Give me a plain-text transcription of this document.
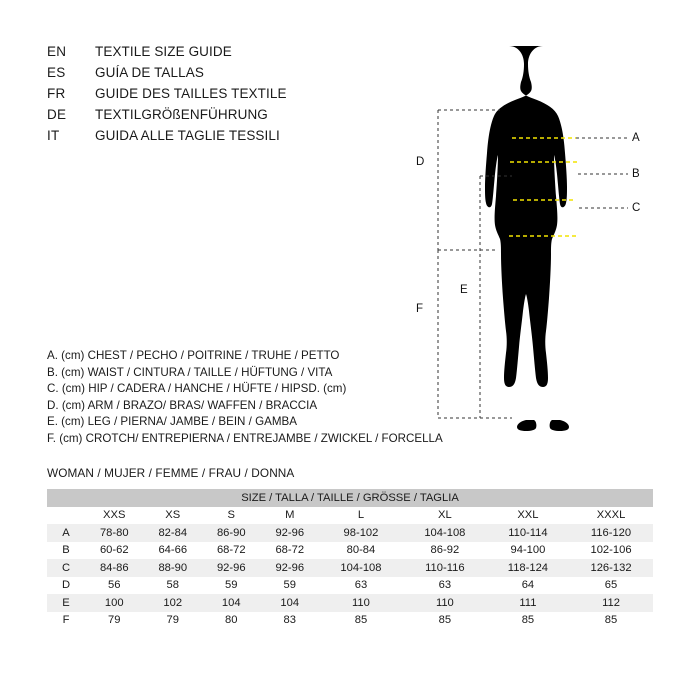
EN	TEXTILE SIZE GUIDE
ES	GUÍA DE TALLAS
FR	GUIDE DES TAILLES TEXTILE
DE	TEXTILGRÖßENFÜHRUNG
IT	GUIDA ALLE TAGLIE TESSILI	A
B
C
D
E
F
A. (cm) CHEST / PECHO / POITRINE / TRUHE / PETTO
B. (cm) WAIST / CINTURA / TAILLE / HÜFTUNG / VITA
C. (cm) HIP / CADERA / HANCHE / HÜFTE / HIPSD. (cm)
D. (cm) ARM / BRAZO/ BRAS/ WAFFEN / BRACCIA
E. (cm) LEG / PIERNA/ JAMBE / BEIN / GAMBA
F. (cm) CROTCH/ ENTREPIERNA / ENTREJAMBE / ZWICKEL / FORCELLA
WOMAN / MUJER / FEMME / FRAU / DONNA
SIZE / TALLA / TAILLE / GRÖSSE / TAGLIA								
	XXS	XS	S	M	L	XL	XXL	XXXL
A	78-80	82-84	86-90	92-96	98-102	104-108	110-114	116-120
B	60-62	64-66	68-72	68-72	80-84	86-92	94-100	102-106
C	84-86	88-90	92-96	92-96	104-108	110-116	118-124	126-132
D	56	58	59	59	63	63	64	65
E	100	102	104	104	110	110	111	112
F	79	79	80	83	85	85	85	85
